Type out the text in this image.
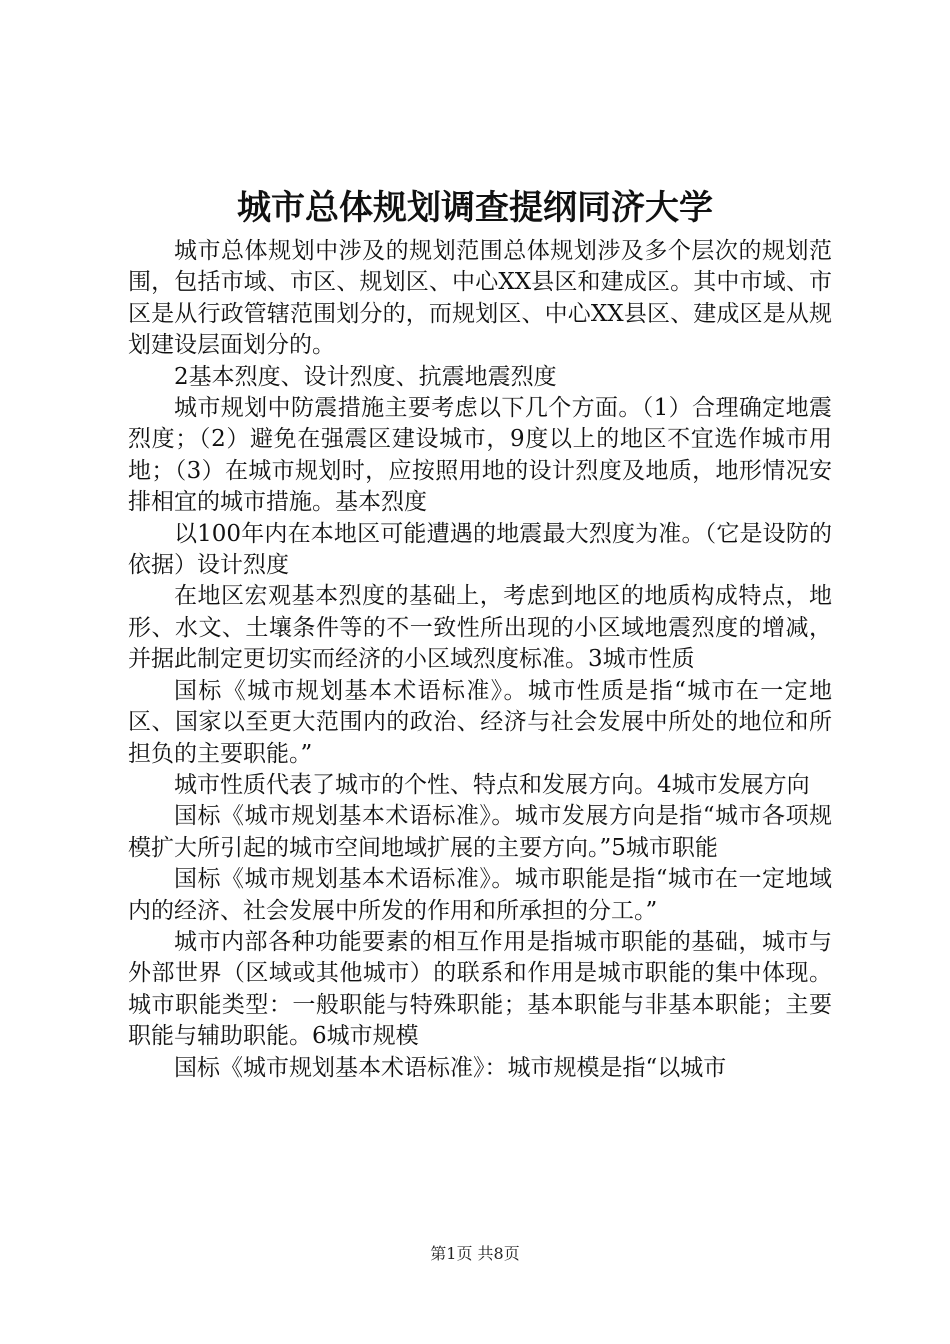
城市总体规划调查提纲同济大学

城市总体规划中涉及的规划范围总体规划涉及多个层次的规划范围，包括市域、市区、规划区、中心XX县区和建成区。其中市域、市区是从行政管辖范围划分的，而规划区、中心XX县区、建成区是从规划建设层面划分的。

2基本烈度、设计烈度、抗震地震烈度

城市规划中防震措施主要考虑以下几个方面。（1）合理确定地震烈度；（2）避免在强震区建设城市，9度以上的地区不宜选作城市用地；（3）在城市规划时，应按照用地的设计烈度及地质，地形情况安排相宜的城市措施。基本烈度

以100年内在本地区可能遭遇的地震最大烈度为准。（它是设防的依据）设计烈度

在地区宏观基本烈度的基础上，考虑到地区的地质构成特点，地形、水文、土壤条件等的不一致性所出现的小区域地震烈度的增减，并据此制定更切实而经济的小区域烈度标准。3城市性质

国标《城市规划基本术语标准》。城市性质是指“城市在一定地区、国家以至更大范围内的政治、经济与社会发展中所处的地位和所担负的主要职能。”

城市性质代表了城市的个性、特点和发展方向。4城市发展方向

国标《城市规划基本术语标准》。城市发展方向是指“城市各项规模扩大所引起的城市空间地域扩展的主要方向。”5城市职能

国标《城市规划基本术语标准》。城市职能是指“城市在一定地域内的经济、社会发展中所发的作用和所承担的分工。”

城市内部各种功能要素的相互作用是指城市职能的基础，城市与外部世界（区域或其他城市）的联系和作用是城市职能的集中体现。城市职能类型：一般职能与特殊职能；基本职能与非基本职能；主要职能与辅助职能。6城市规模

国标《城市规划基本术语标准》：城市规模是指“以城市

第1页 共8页
